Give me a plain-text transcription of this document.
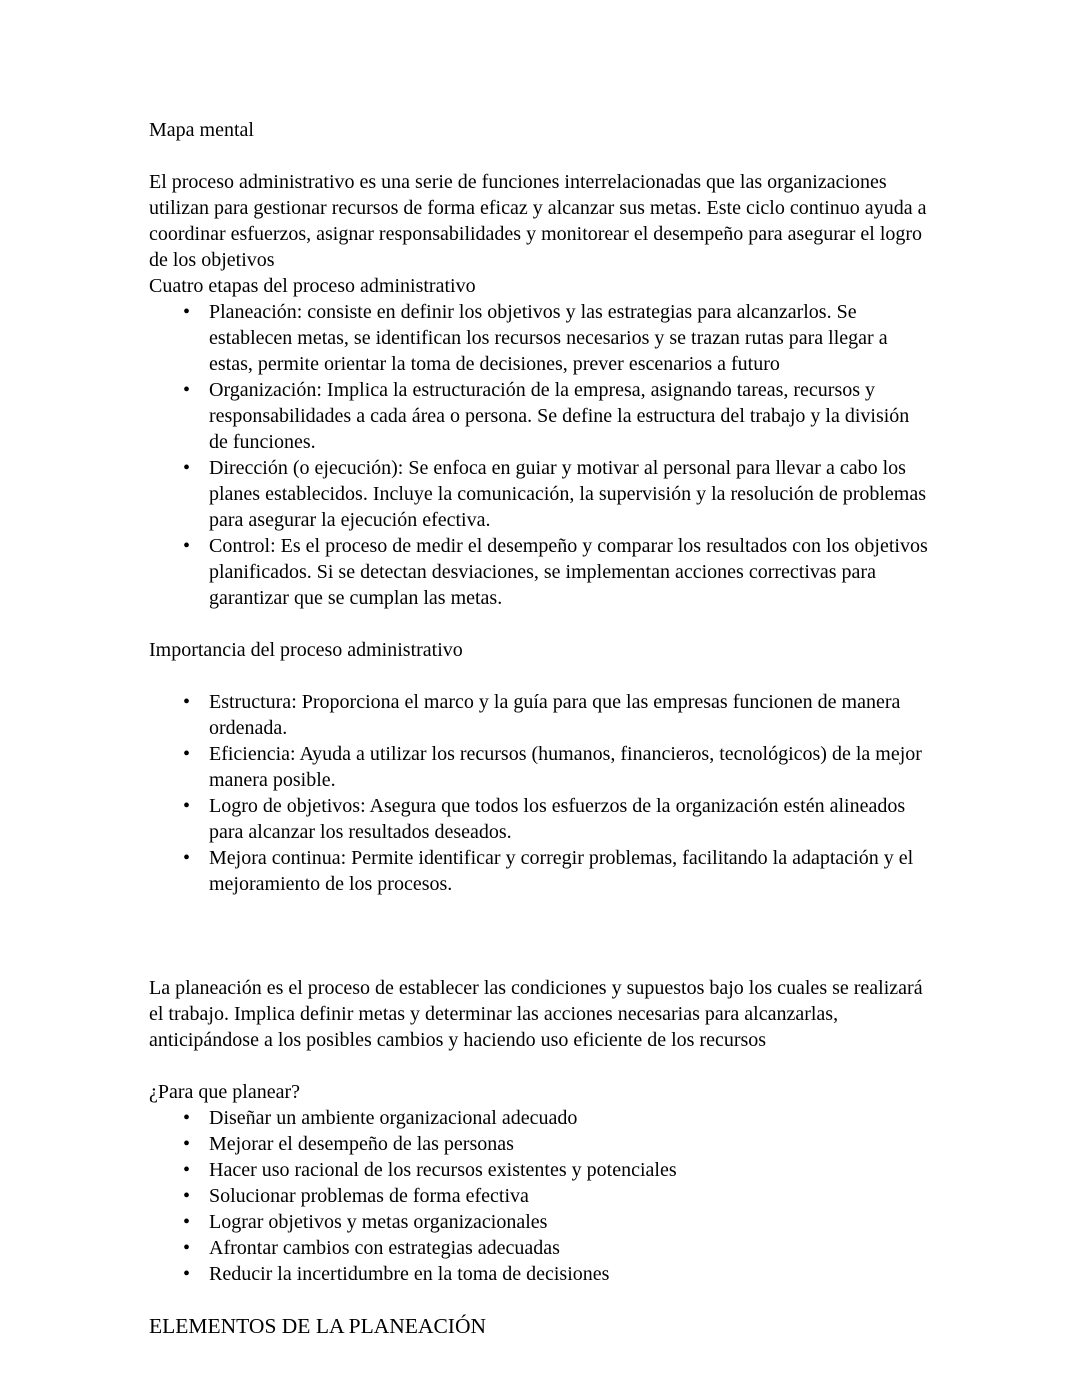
Mapa mental

El proceso administrativo es una serie de funciones interrelacionadas que las organizaciones utilizan para gestionar recursos de forma eficaz y alcanzar sus metas. Este ciclo continuo ayuda a coordinar esfuerzos, asignar responsabilidades y monitorear el desempeño para asegurar el logro de los objetivos

Cuatro etapas del proceso administrativo

• Planeación: consiste en definir los objetivos y las estrategias para alcanzarlos. Se establecen metas, se identifican los recursos necesarios y se trazan rutas para llegar a estas, permite orientar la toma de decisiones, prever escenarios a futuro
• Organización: Implica la estructuración de la empresa, asignando tareas, recursos y responsabilidades a cada área o persona. Se define la estructura del trabajo y la división de funciones.
• Dirección (o ejecución): Se enfoca en guiar y motivar al personal para llevar a cabo los planes establecidos. Incluye la comunicación, la supervisión y la resolución de problemas para asegurar la ejecución efectiva.
• Control: Es el proceso de medir el desempeño y comparar los resultados con los objetivos planificados. Si se detectan desviaciones, se implementan acciones correctivas para garantizar que se cumplan las metas.

Importancia del proceso administrativo

• Estructura: Proporciona el marco y la guía para que las empresas funcionen de manera ordenada.
• Eficiencia: Ayuda a utilizar los recursos (humanos, financieros, tecnológicos) de la mejor manera posible.
• Logro de objetivos: Asegura que todos los esfuerzos de la organización estén alineados para alcanzar los resultados deseados.
• Mejora continua: Permite identificar y corregir problemas, facilitando la adaptación y el mejoramiento de los procesos.

La planeación es el proceso de establecer las condiciones y supuestos bajo los cuales se realizará el trabajo. Implica definir metas y determinar las acciones necesarias para alcanzarlas, anticipándose a los posibles cambios y haciendo uso eficiente de los recursos

¿Para que planear?

• Diseñar un ambiente organizacional adecuado
• Mejorar el desempeño de las personas
• Hacer uso racional de los recursos existentes y potenciales
• Solucionar problemas de forma efectiva
• Lograr objetivos y metas organizacionales
• Afrontar cambios con estrategias adecuadas
• Reducir la incertidumbre en la toma de decisiones

ELEMENTOS DE LA PLANEACIÓN
